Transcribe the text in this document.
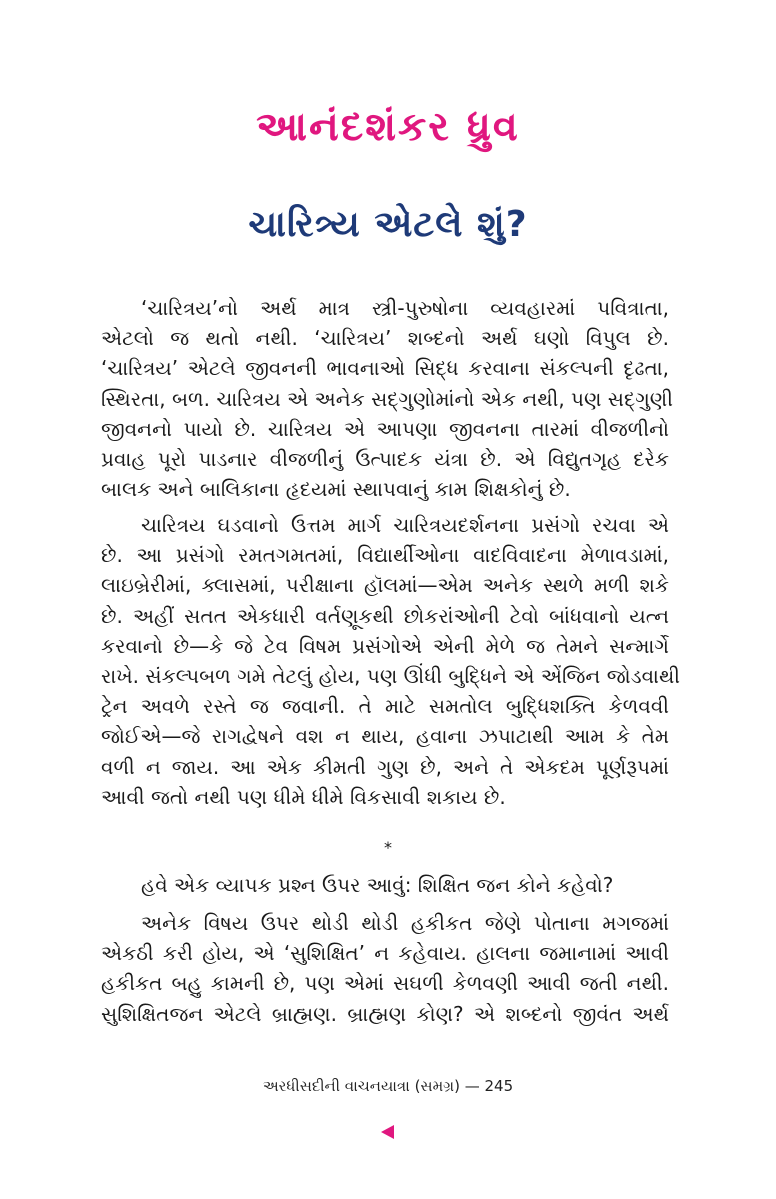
આનંદશંકર ધ્રુવ
ચારિત્ર્ય એટલે શું?
‘ચારિત્રય’નો અર્થ માત્ર સ્ત્રી-પુરુષોના વ્યવહારમાં પવિત્રાતા,
એટલો જ થતો નથી. ‘ચારિત્રય’ શબ્દનો અર્થ ઘણો વિપુલ છે.
‘ચારિત્રય’ એટલે જીવનની ભાવનાઓ સિદ્ધ કરવાના સંકલ્પની દૃઢતા,
સ્થિરતા, બળ. ચારિત્રય એ અનેક સદ્‌ગુણોમાંનો એક નથી, પણ સદ્‌ગુણી
જીવનનો પાયો છે. ચારિત્રય એ આપણા જીવનના તારમાં વીજળીનો
પ્રવાહ પૂરો પાડનાર વીજળીનું ઉત્પાદક યંત્રા છે. એ વિદ્યુતગૃહ દરેક
બાલક અને બાલિકાના હૃદયમાં સ્થાપવાનું કામ શિક્ષકોનું છે.
ચારિત્રય ઘડવાનો ઉત્તમ માર્ગ ચારિત્રયદર્શનના પ્રસંગો રચવા એ
છે. આ પ્રસંગો રમતગમતમાં, વિદ્યાર્થીઓના વાદવિવાદના મેળાવડામાં,
લાઇબ્રેરીમાં, ક્લાસમાં, પરીક્ષાના હૉલમાં—એમ અનેક સ્થળે મળી શકે
છે. અહીં સતત એકધારી વર્તણૂકથી છોકરાંઓની ટેવો બાંધવાનો યત્ન
કરવાનો છે—કે જે ટેવ વિષમ પ્રસંગોએ એની મેળે જ તેમને સન્માર્ગે
રાખે. સંકલ્પબળ ગમે તેટલું હોય, પણ ઊંધી બુદ્ધિને એ એંજિન જોડવાથી
ટ્રેન અવળે રસ્તે જ જવાની. તે માટે સમતોલ બુદ્ધિશક્તિ કેળવવી
જોઈએ—જે રાગદ્વેષને વશ ન થાય, હવાના ઝપાટાથી આમ કે તેમ
વળી ન જાય. આ એક કીમતી ગુણ છે, અને તે એકદમ પૂર્ણરૂપમાં
આવી જતો નથી પણ ધીમે ધીમે વિકસાવી શકાય છે.
*
હવે એક વ્યાપક પ્રશ્ન ઉપર આવું: શિક્ષિત જન કોને કહેવો?
અનેક વિષય ઉપર થોડી થોડી હકીકત જેણે પોતાના મગજમાં
એકઠી કરી હોય, એ ‘સુશિક્ષિત’ ન કહેવાય. હાલના જમાનામાં આવી
હકીકત બહુ કામની છે, પણ એમાં સઘળી કેળવણી આવી જતી નથી.
સુશિક્ષિતજન એટલે બ્રાહ્મણ. બ્રાહ્મણ કોણ? એ શબ્દનો જીવંત અર્થ
અરધીસદીની વાચનયાત્રા (સમગ્ર) — 245
